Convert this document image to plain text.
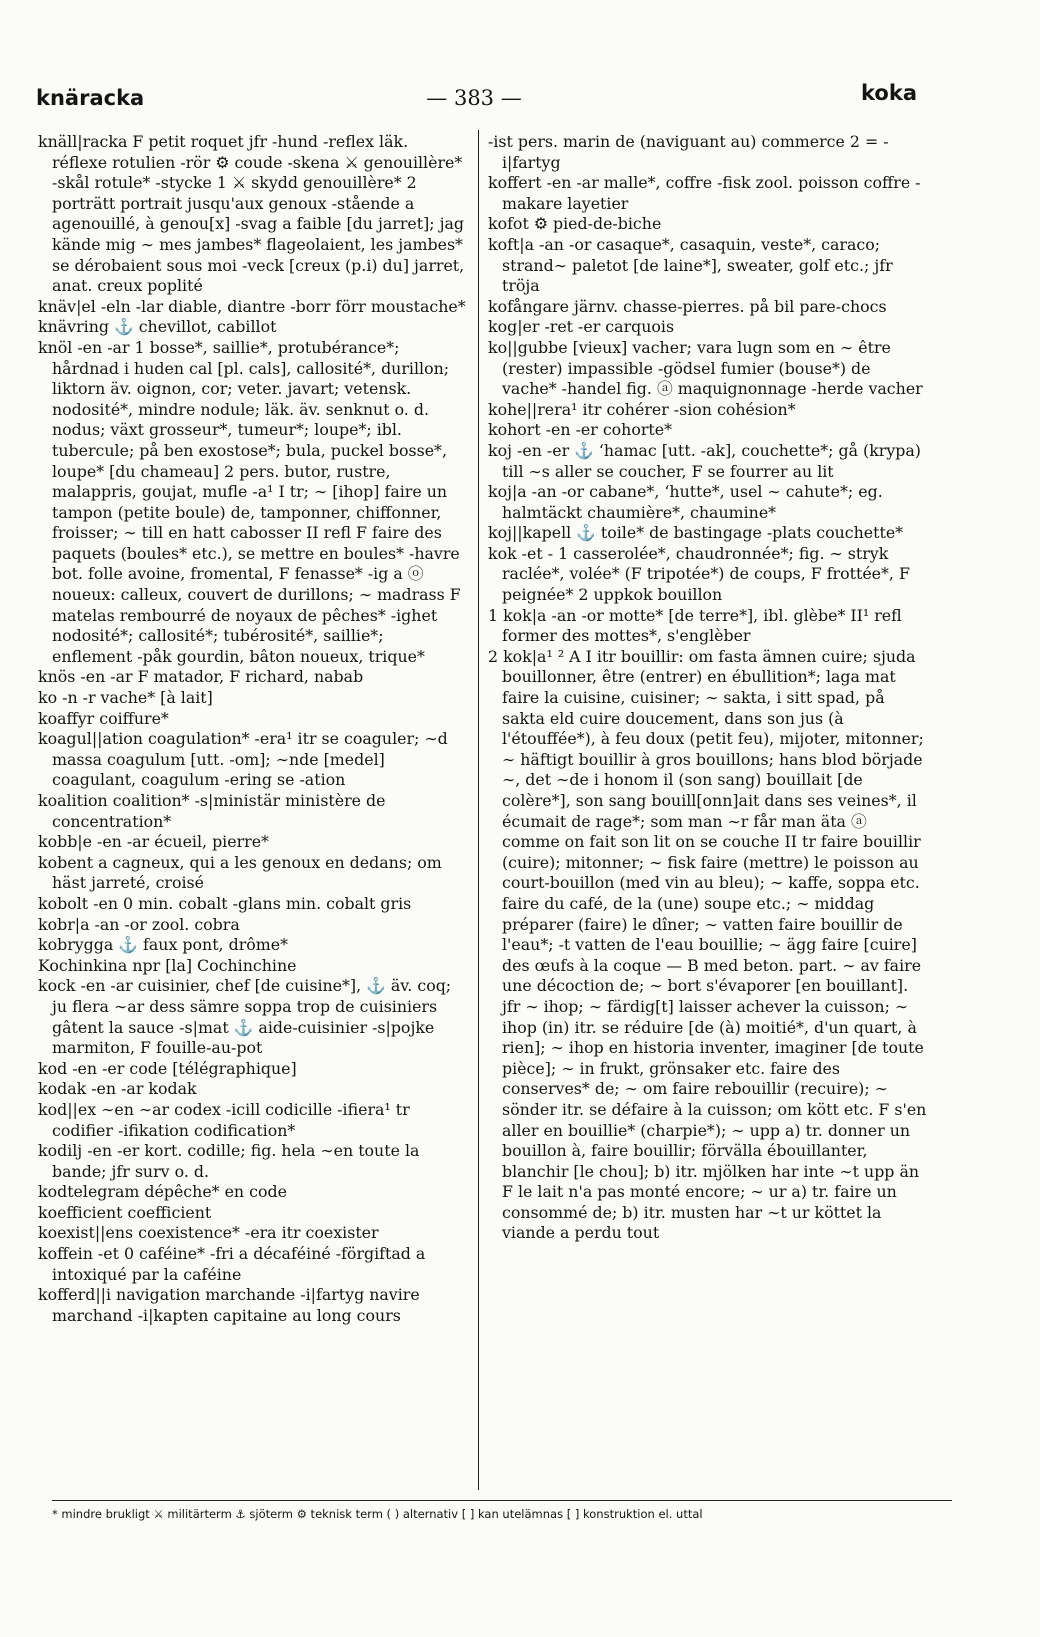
knäracka	— 383 —	koka

knäll|racka F petit roquet jfr -hund -reflex läk. réflexe rotulien -rör ⚙ coude -skena ⚔ genouillère* -skål rotule* -stycke 1 ⚔ skydd genouillère* 2 porträtt portrait jusqu'aux genoux -stående a agenouillé, à genou[x] -svag a faible [du jarret]; jag kände mig ∼ mes jambes* flageolaient, les jambes* se dérobaient sous moi -veck [creux (p.i) du] jarret, anat. creux poplité

knäv|el -eln -lar diable, diantre -borr förr moustache*

knävring ⚓ chevillot, cabillot

knöl -en -ar 1 bosse*, saillie*, protubérance*; hårdnad i huden cal [pl. cals], callosité*, durillon; liktorn äv. oignon, cor; veter. javart; vetensk. nodosité*, mindre nodule; läk. äv. senknut o. d. nodus; växt grosseur*, tumeur*; loupe*; ibl. tubercule; på ben exostose*; bula, puckel bosse*, loupe* [du chameau] 2 pers. butor, rustre, malappris, goujat, mufle -a¹ I tr; ∼ [ihop] faire un tampon (petite boule) de, tamponner, chiffonner, froisser; ∼ till en hatt cabosser II refl F faire des paquets (boules* etc.), se mettre en boules* -havre bot. folle avoine, fromental, F fenasse* -ig a ⓞ noueux: calleux, couvert de durillons; ∼ madrass F matelas rembourré de noyaux de pêches* -ighet nodosité*; callosité*; tubérosité*, saillie*; enflement -påk gourdin, bâton noueux, trique*

knös -en -ar F matador, F richard, nabab

ko -n -r vache* [à lait]

koaffyr coiffure*

koagul||ation coagulation* -era¹ itr se coaguler; ∼d massa coagulum [utt. -om]; ∼nde [medel] coagulant, coagulum -ering se -ation

koalition coalition* -s|ministär ministère de concentration*

kobb|e -en -ar écueil, pierre*

kobent a cagneux, qui a les genoux en dedans; om häst jarreté, croisé

kobolt -en 0 min. cobalt -glans min. cobalt gris

kobr|a -an -or zool. cobra

kobrygga ⚓ faux pont, drôme*

Kochinkina npr [la] Cochinchine

kock -en -ar cuisinier, chef [de cuisine*], ⚓ äv. coq; ju flera ∼ar dess sämre soppa trop de cuisiniers gâtent la sauce -s|mat ⚓ aide-cuisinier -s|pojke marmiton, F fouille-au-pot

kod -en -er code [télégraphique]

kodak -en -ar kodak

kod||ex ∼en ∼ar codex -icill codicille -ifiera¹ tr codifier -ifikation codification*

kodilj -en -er kort. codille; fig. hela ∼en toute la bande; jfr surv o. d.

kodtelegram dépêche* en code

koefficient coefficient

koexist||ens coexistence* -era itr coexister

koffein -et 0 caféine* -fri a décaféiné -förgiftad a intoxiqué par la caféine

kofferd||i navigation marchande -i|fartyg navire marchand -i|kapten capitaine au long cours

-ist pers. marin de (naviguant au) commerce 2 = -i|fartyg

koffert -en -ar malle*, coffre -fisk zool. poisson coffre -makare layetier

kofot ⚙ pied-de-biche

koft|a -an -or casaque*, casaquin, veste*, caraco; strand∼ paletot [de laine*], sweater, golf etc.; jfr tröja

kofångare järnv. chasse-pierres. på bil pare-chocs

kog|er -ret -er carquois

ko||gubbe [vieux] vacher; vara lugn som en ∼ être (rester) impassible -gödsel fumier (bouse*) de vache* -handel fig. ⓐ maquignonnage -herde vacher

kohe||rera¹ itr cohérer -sion cohésion*

kohort -en -er cohorte*

koj -en -er ⚓ ʻhamac [utt. -ak], couchette*; gå (krypa) till ∼s aller se coucher, F se fourrer au lit

koj|a -an -or cabane*, ʻhutte*, usel ∼ cahute*; eg. halmtäckt chaumière*, chaumine*

koj||kapell ⚓ toile* de bastingage -plats couchette*

kok -et - 1 casserolée*, chaudronnée*; fig. ∼ stryk raclée*, volée* (F tripotée*) de coups, F frottée*, F peignée* 2 uppkok bouillon

1 kok|a -an -or motte* [de terre*], ibl. glèbe* II¹ refl former des mottes*, s'englèber

2 kok|a¹ ² A I itr bouillir: om fasta ämnen cuire; sjuda bouillonner, être (entrer) en ébullition*; laga mat faire la cuisine, cuisiner; ∼ sakta, i sitt spad, på sakta eld cuire doucement, dans son jus (à l'étouffée*), à feu doux (petit feu), mijoter, mitonner; ∼ häftigt bouillir à gros bouillons; hans blod började ∼, det ∼de i honom il (son sang) bouillait [de colère*], son sang bouill[onn]ait dans ses veines*, il écumait de rage*; som man ∼r får man äta ⓐ comme on fait son lit on se couche II tr faire bouillir (cuire); mitonner; ∼ fisk faire (mettre) le poisson au court-bouillon (med vin au bleu); ∼ kaffe, soppa etc. faire du café, de la (une) soupe etc.; ∼ middag préparer (faire) le dîner; ∼ vatten faire bouillir de l'eau*; -t vatten de l'eau bouillie; ∼ ägg faire [cuire] des œufs à la coque — B med beton. part. ∼ av faire une décoction de; ∼ bort s'évaporer [en bouillant]. jfr ∼ ihop; ∼ färdig[t] laisser achever la cuisson; ∼ ihop (in) itr. se réduire [de (à) moitié*, d'un quart, à rien]; ∼ ihop en historia inventer, imaginer [de toute pièce]; ∼ in frukt, grönsaker etc. faire des conserves* de; ∼ om faire rebouillir (recuire); ∼ sönder itr. se défaire à la cuisson; om kött etc. F s'en aller en bouillie* (charpie*); ∼ upp a) tr. donner un bouillon à, faire bouillir; förvälla ébouillanter, blanchir [le chou]; b) itr. mjölken har inte ∼t upp än F le lait n'a pas monté encore; ∼ ur a) tr. faire un consommé de; b) itr. musten har ∼t ur köttet la viande a perdu tout

* mindre brukligt ⚔ militärterm ⚓ sjöterm ⚙ teknisk term ( ) alternativ [ ] kan utelämnas [ ] konstruktion el. uttal
